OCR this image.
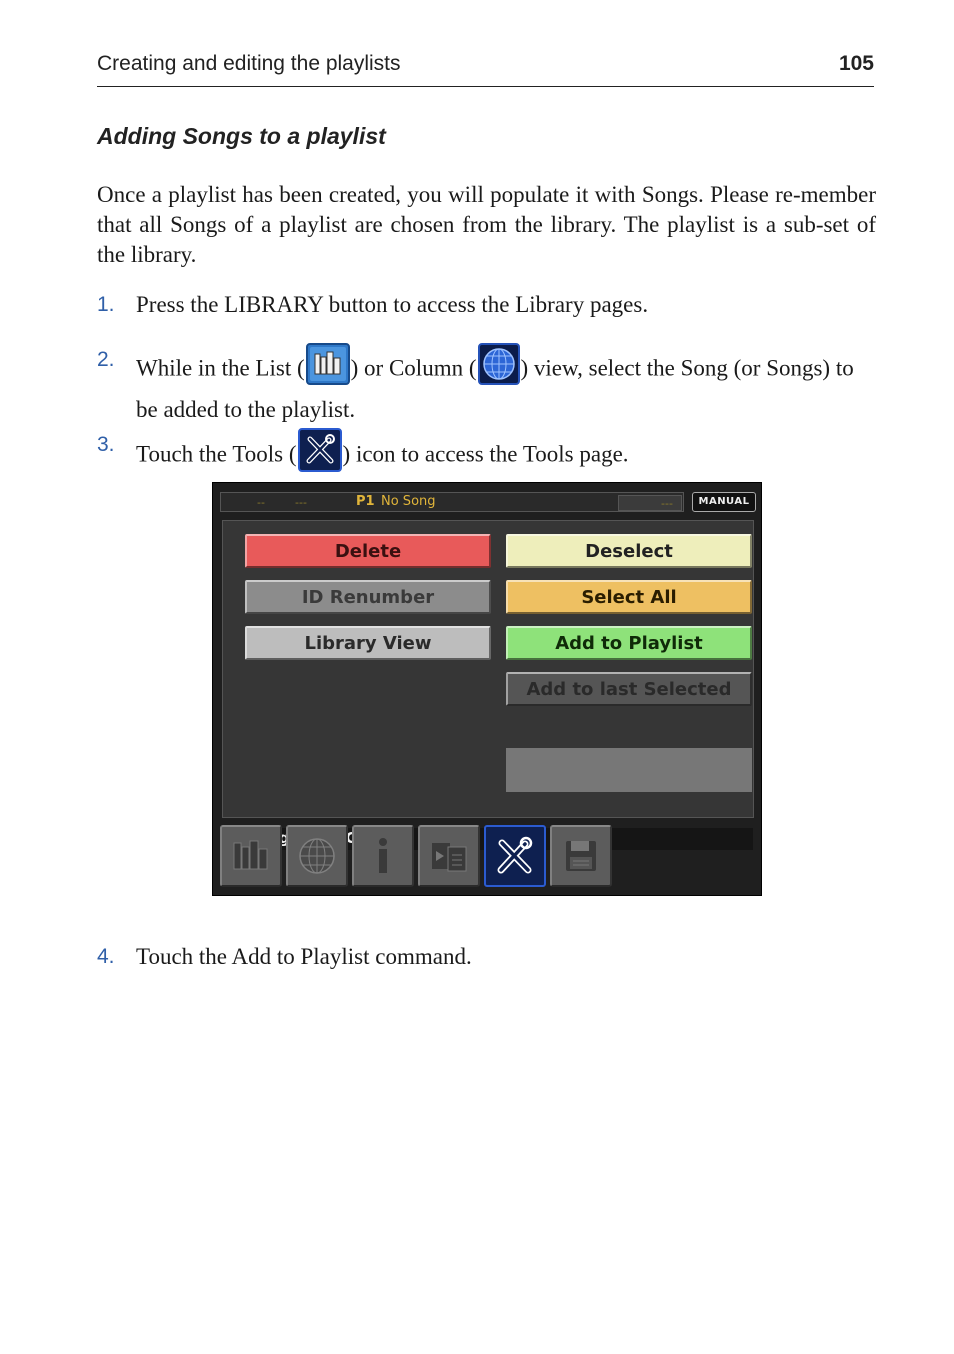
Creating and editing the playlists	105
Adding Songs to a playlist

Once a playlist has been created, you will populate it with Songs. Please re-member that all Songs of a playlist are chosen from the library. The playlist is a sub-set of the library.

1. Press the LIBRARY button to access the Library pages.
2. While in the List ( ) or Column ( ) view, select the Song (or Songs) to be added to the playlist.
3. Touch the Tools ( ) icon to access the Tools page.
--	---	P1 No Song	---	MANUAL
Delete	Deselect
ID Renumber	Select All
Library View	Add to Playlist
Add to last Selected
4. Touch the Add to Playlist command.
